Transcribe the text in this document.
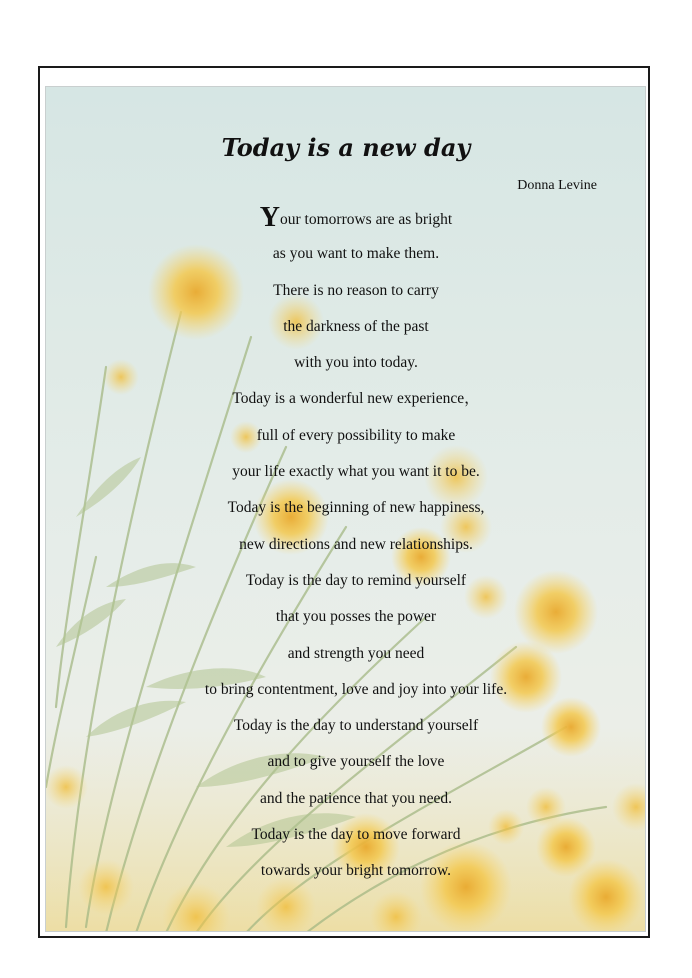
Today is a new day

Donna Levine

Your tomorrows are as bright
as you want to make them.
There is no reason to carry
the darkness of the past
with you into today.
Today is a wonderful new experience，
full of every possibility to make
your life exactly what you want it to be.
Today is the beginning of new happiness,
new directions and new relationships.
Today is the day to remind yourself
that you posses the power
and strength you need
to bring contentment, love and joy into your life.
Today is the day to understand yourself
and to give yourself the love
and the patience that you need.
Today is the day to move forward
towards your bright tomorrow.
